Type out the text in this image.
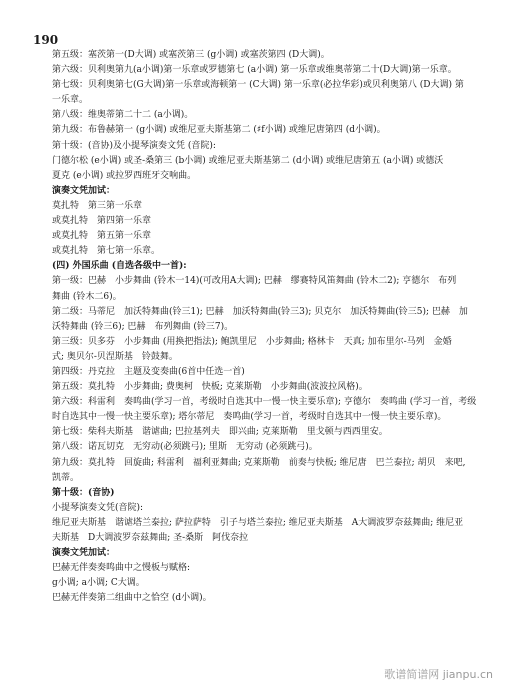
190
第五级：塞茨第一(D大调) 或塞茨第三 (g小调) 或塞茨第四 (D大调)。
第六级：贝利奥第九(a小调)第一乐章或罗德第七 (a小调) 第一乐章或维奥蒂第二十(D大调)第一乐章。
第七级：贝利奥第七(G大调)第一乐章或海顿第一 (C大调) 第一乐章(必拉华彩)或贝利奥第八 (D大调) 第
一乐章。
第八级：维奥蒂第二十二 (a小调)。
第九级：布鲁赫第一 (g小调) 或维尼亚夫斯基第二 (♯f小调) 或维尼唐第四 (d小调)。
第十级：(音协)及小提琴演奏文凭 (音院):
门德尔松 (e小调) 或圣-桑第三 (b小调) 或维尼亚夫斯基第二 (d小调) 或维尼唐第五 (a小调) 或德沃
夏克 (e小调) 或拉罗西班牙交响曲。
演奏文凭加试：
莫扎特　第三第一乐章
或莫扎特　第四第一乐章
或莫扎特　第五第一乐章
或莫扎特　第七第一乐章。
(四) 外国乐曲 (自选各级中一首):
第一级：巴赫　小步舞曲 (铃木一14)(可改用A大调); 巴赫　缪赛特风笛舞曲 (铃木二2); 亨德尔　布列
舞曲 (铃木二6)。
第二级：马蒂尼　加沃特舞曲(铃三1); 巴赫　加沃特舞曲(铃三3); 贝克尔　加沃特舞曲(铃三5); 巴赫　加
沃特舞曲 (铃三6); 巴赫　布列舞曲 (铃三7)。
第三级：贝多芬　小步舞曲 (用换把指法); 鲍凯里尼　小步舞曲; 格林卡　天真; 加布里尔-马列　金婚
式; 奥贝尔-贝涅斯基　铃鼓舞。
第四级：丹克拉　主题及变奏曲(6首中任选一首)
第五级：莫扎特　小步舞曲; 费奥柯　快板; 克莱斯勒　小步舞曲(波波拉风格)。
第六级：科雷利　奏鸣曲(学习一首，考级时自选其中一慢一快主要乐章); 亨德尔　奏鸣曲 (学习一首，考级
时自选其中一慢一快主要乐章); 塔尔蒂尼　奏鸣曲(学习一首，考级时自选其中一慢一快主要乐章)。
第七级：柴科夫斯基　谐谑曲; 巴拉基列夫　即兴曲; 克莱斯勒　里戈顿与西西里安。
第八级：诺瓦切克　无穷动(必须跳弓); 里斯　无穷动 (必须跳弓)。
第九级：莫扎特　回旋曲; 科雷利　福利亚舞曲; 克莱斯勒　前奏与快板; 维尼唐　巴兰泰拉; 胡贝　来吧,
凯蒂。
第十级：(音协)
小提琴演奏文凭(音院):
维尼亚夫斯基　谐谑塔兰泰拉; 萨拉萨特　引子与塔兰泰拉; 维尼亚夫斯基　A大调波罗奈兹舞曲; 维尼亚
夫斯基　D大调波罗奈兹舞曲; 圣-桑斯　阿伐奈拉
演奏文凭加试：
巴赫无伴奏奏鸣曲中之慢板与赋格:
g小调; a小调; C大调。
巴赫无伴奏第二组曲中之恰空 (d小调)。
歌谱简谱网 jianpu.cn
